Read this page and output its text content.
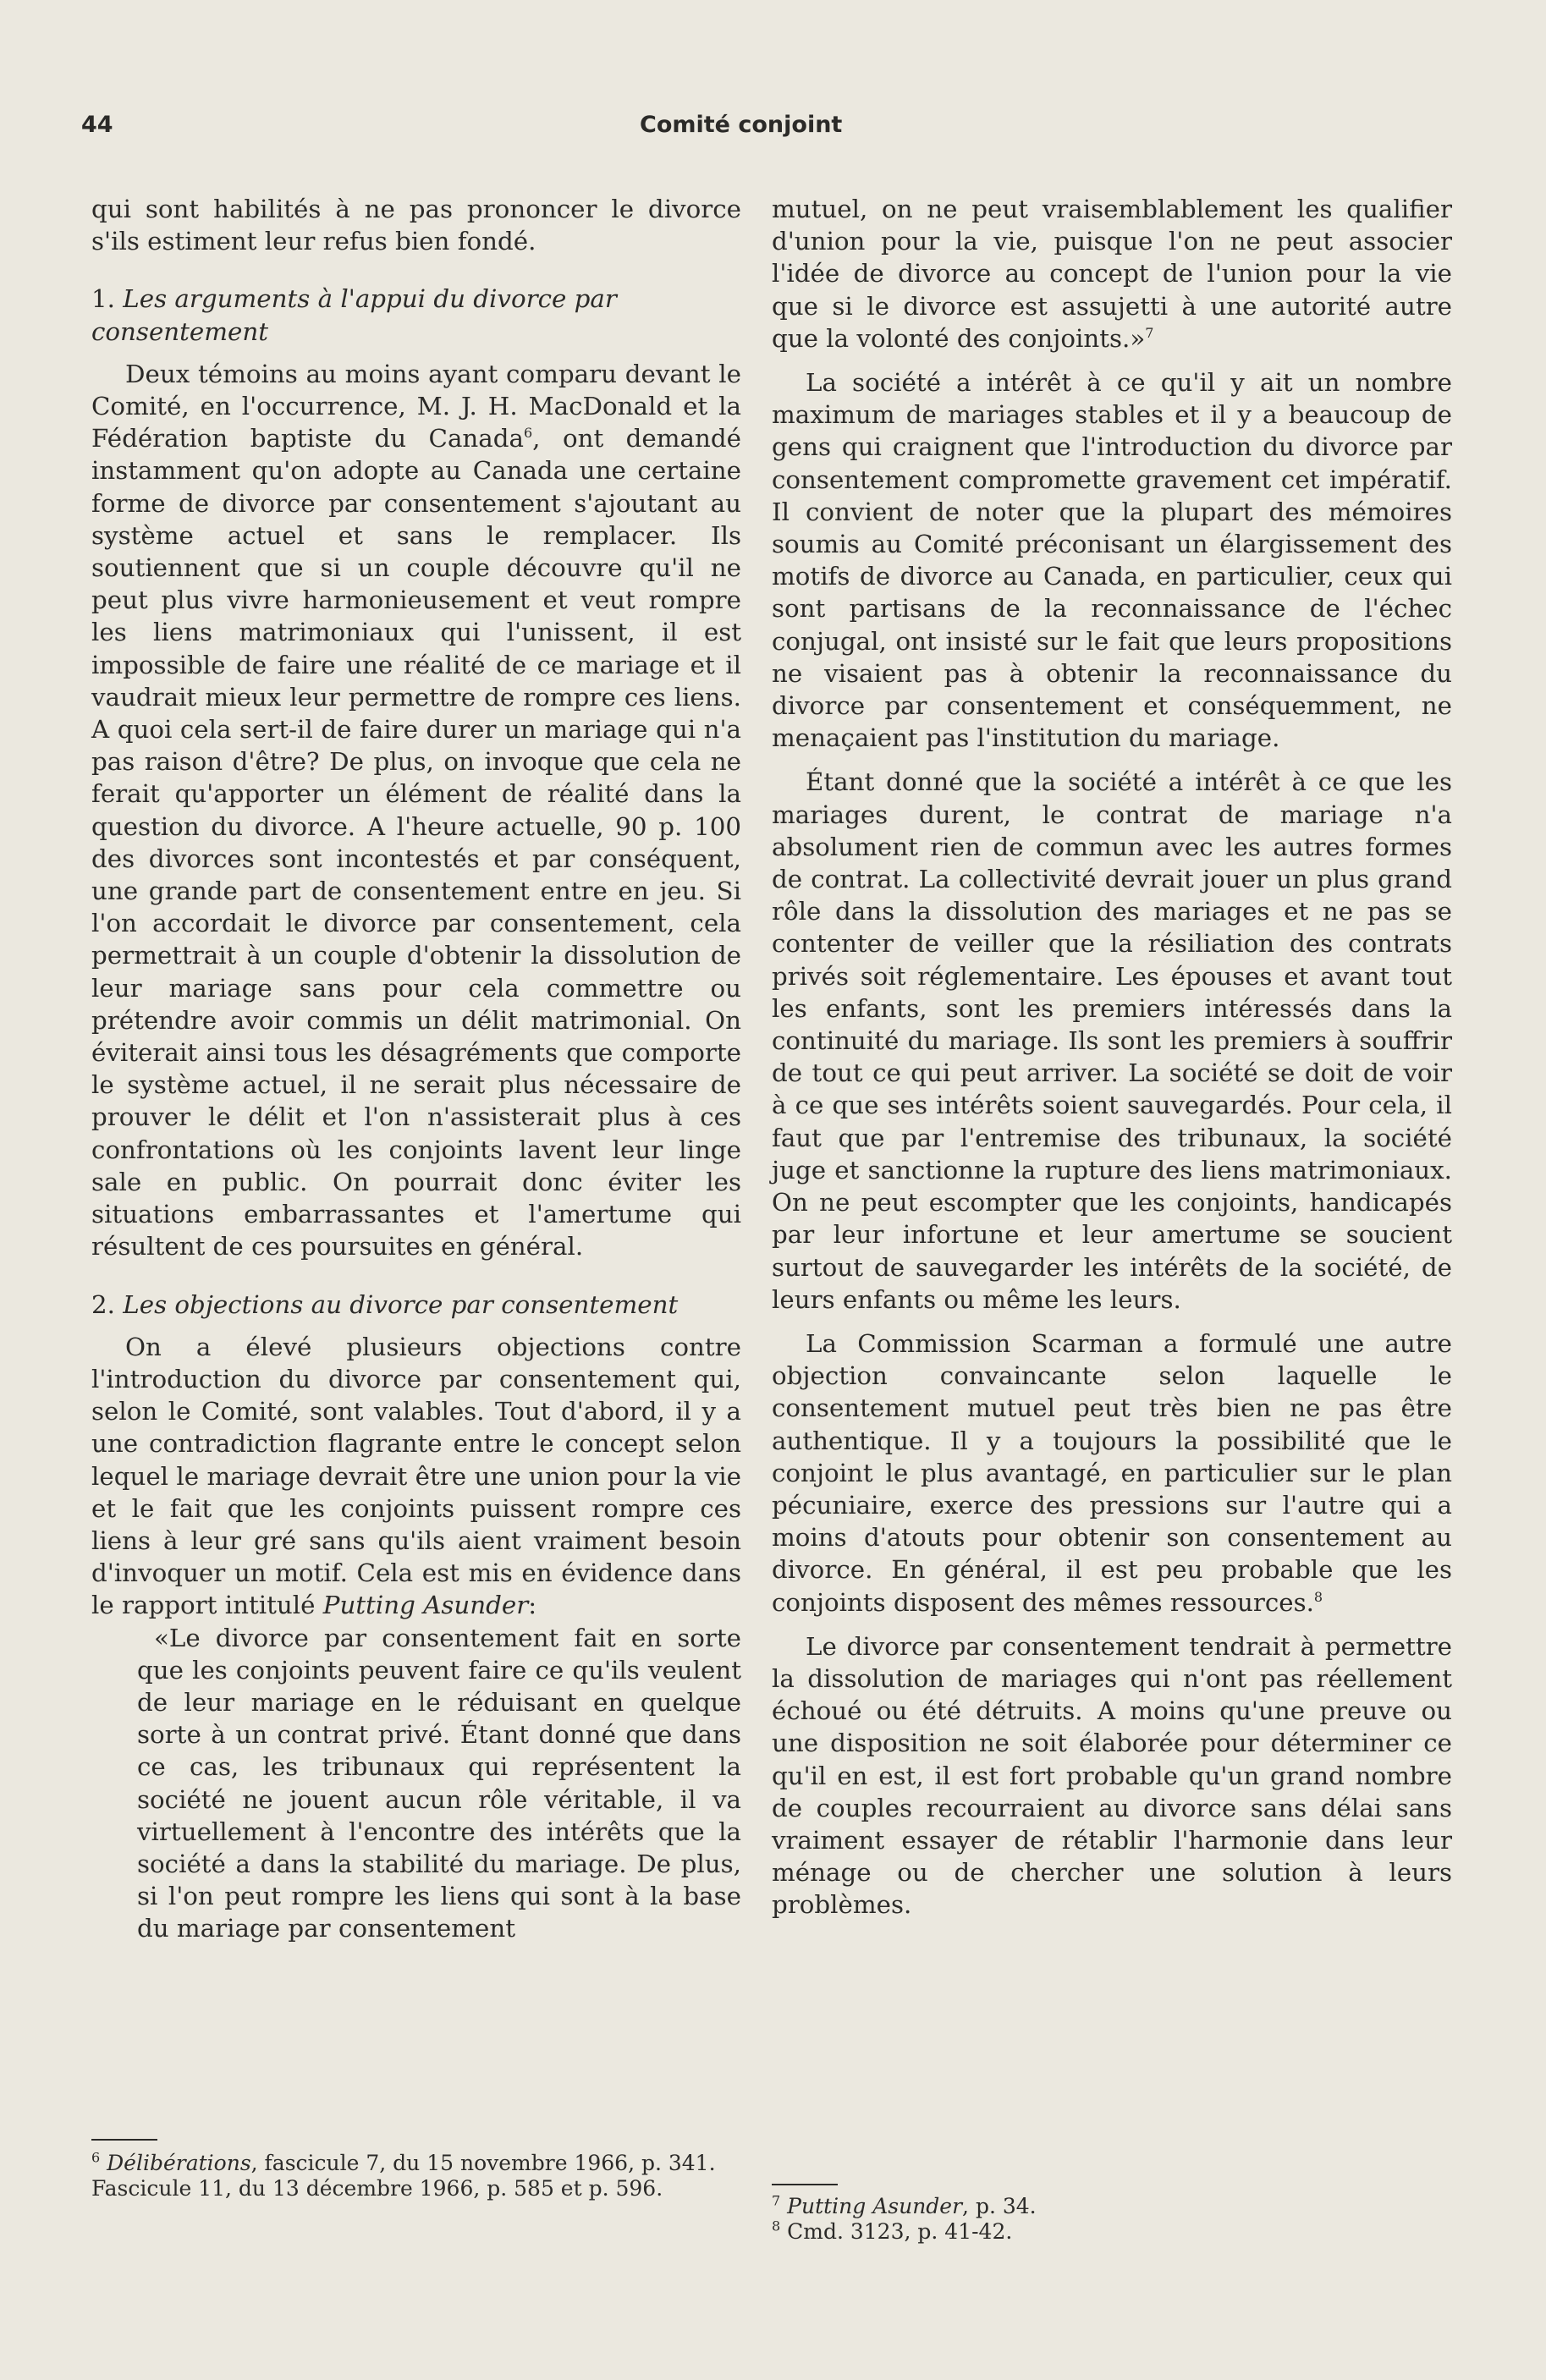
44	Comité conjoint

qui sont habilités à ne pas prononcer le divorce s'ils estiment leur refus bien fondé.

1. Les arguments à l'appui du divorce par consentement

Deux témoins au moins ayant comparu devant le Comité, en l'occurrence, M. J. H. MacDonald et la Fédération baptiste du Canada$^6$, ont demandé instamment qu'on adopte au Canada une certaine forme de divorce par consentement s'ajoutant au système actuel et sans le remplacer. Ils soutiennent que si un couple découvre qu'il ne peut plus vivre harmonieusement et veut rompre les liens matrimoniaux qui l'unissent, il est impossible de faire une réalité de ce mariage et il vaudrait mieux leur permettre de rompre ces liens. A quoi cela sert-il de faire durer un mariage qui n'a pas raison d'être? De plus, on invoque que cela ne ferait qu'apporter un élément de réalité dans la question du divorce. A l'heure actuelle, 90 p. 100 des divorces sont incontestés et par conséquent, une grande part de consentement entre en jeu. Si l'on accordait le divorce par consentement, cela permettrait à un couple d'obtenir la dissolution de leur mariage sans pour cela commettre ou prétendre avoir commis un délit matrimonial. On éviterait ainsi tous les désagréments que comporte le système actuel, il ne serait plus nécessaire de prouver le délit et l'on n'assisterait plus à ces confrontations où les conjoints lavent leur linge sale en public. On pourrait donc éviter les situations embarrassantes et l'amertume qui résultent de ces poursuites en général.

2. Les objections au divorce par consentement

On a élevé plusieurs objections contre l'introduction du divorce par consentement qui, selon le Comité, sont valables. Tout d'abord, il y a une contradiction flagrante entre le concept selon lequel le mariage devrait être une union pour la vie et le fait que les conjoints puissent rompre ces liens à leur gré sans qu'ils aient vraiment besoin d'invoquer un motif. Cela est mis en évidence dans le rapport intitulé Putting Asunder:

«Le divorce par consentement fait en sorte que les conjoints peuvent faire ce qu'ils veulent de leur mariage en le réduisant en quelque sorte à un contrat privé. Étant donné que dans ce cas, les tribunaux qui représentent la société ne jouent aucun rôle véritable, il va virtuellement à l'encontre des intérêts que la société a dans la stabilité du mariage. De plus, si l'on peut rompre les liens qui sont à la base du mariage par consentement

$^6$ Délibérations, fascicule 7, du 15 novembre 1966, p. 341. Fascicule 11, du 13 décembre 1966, p. 585 et p. 596.

mutuel, on ne peut vraisemblablement les qualifier d'union pour la vie, puisque l'on ne peut associer l'idée de divorce au concept de l'union pour la vie que si le divorce est assujetti à une autorité autre que la volonté des conjoints.»$^7$

La société a intérêt à ce qu'il y ait un nombre maximum de mariages stables et il y a beaucoup de gens qui craignent que l'introduction du divorce par consentement compromette gravement cet impératif. Il convient de noter que la plupart des mémoires soumis au Comité préconisant un élargissement des motifs de divorce au Canada, en particulier, ceux qui sont partisans de la reconnaissance de l'échec conjugal, ont insisté sur le fait que leurs propositions ne visaient pas à obtenir la reconnaissance du divorce par consentement et conséquemment, ne menaçaient pas l'institution du mariage.

Étant donné que la société a intérêt à ce que les mariages durent, le contrat de mariage n'a absolument rien de commun avec les autres formes de contrat. La collectivité devrait jouer un plus grand rôle dans la dissolution des mariages et ne pas se contenter de veiller que la résiliation des contrats privés soit réglementaire. Les épouses et avant tout les enfants, sont les premiers intéressés dans la continuité du mariage. Ils sont les premiers à souffrir de tout ce qui peut arriver. La société se doit de voir à ce que ses intérêts soient sauvegardés. Pour cela, il faut que par l'entremise des tribunaux, la société juge et sanctionne la rupture des liens matrimoniaux. On ne peut escompter que les conjoints, handicapés par leur infortune et leur amertume se soucient surtout de sauvegarder les intérêts de la société, de leurs enfants ou même les leurs.

La Commission Scarman a formulé une autre objection convaincante selon laquelle le consentement mutuel peut très bien ne pas être authentique. Il y a toujours la possibilité que le conjoint le plus avantagé, en particulier sur le plan pécuniaire, exerce des pressions sur l'autre qui a moins d'atouts pour obtenir son consentement au divorce. En général, il est peu probable que les conjoints disposent des mêmes ressources.$^8$

Le divorce par consentement tendrait à permettre la dissolution de mariages qui n'ont pas réellement échoué ou été détruits. A moins qu'une preuve ou une disposition ne soit élaborée pour déterminer ce qu'il en est, il est fort probable qu'un grand nombre de couples recourraient au divorce sans délai sans vraiment essayer de rétablir l'harmonie dans leur ménage ou de chercher une solution à leurs problèmes.

$^7$ Putting Asunder, p. 34.

$^8$ Cmd. 3123, p. 41-42.
